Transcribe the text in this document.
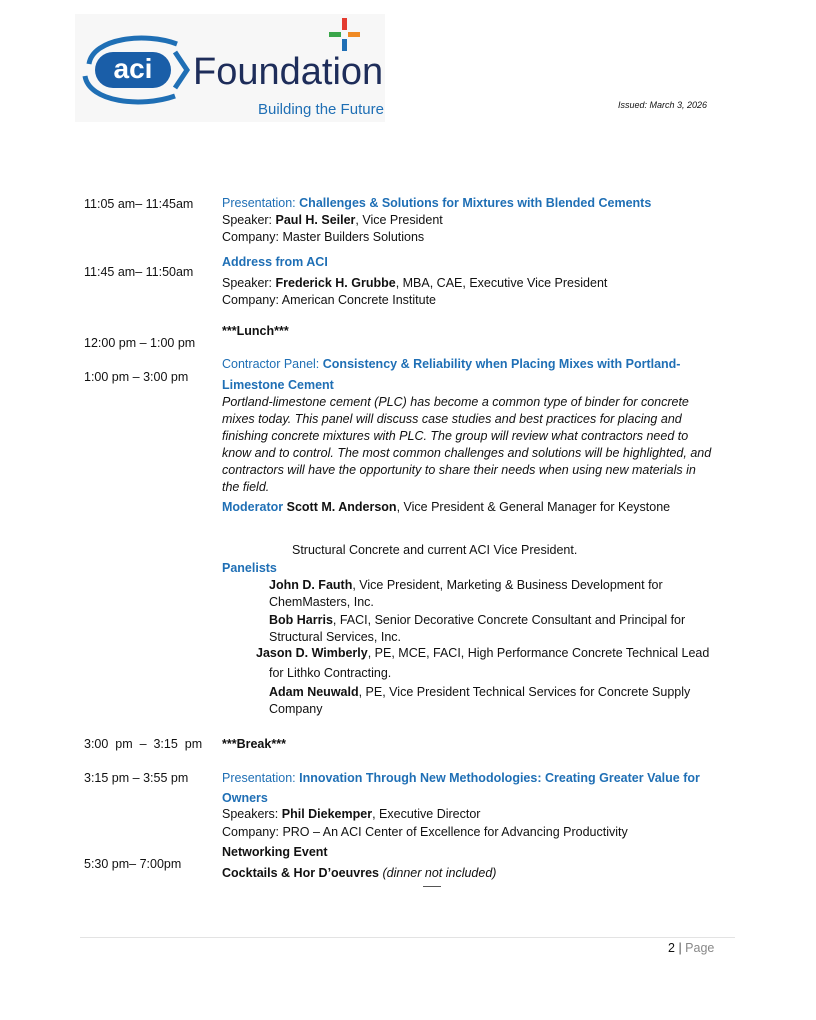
aci Foundation
Building the Future	Issued: March 3, 2026
11:05 am– 11:45am Presentation: Challenges & Solutions for Mixtures with Blended Cements
Speaker: Paul H. Seiler, Vice President
Company: Master Builders Solutions
Address from ACI
11:45 am– 11:50am
Speaker: Frederick H. Grubbe, MBA, CAE, Executive Vice President
Company: American Concrete Institute
***Lunch***
12:00 pm – 1:00 pm
Contractor Panel: Consistency & Reliability when Placing Mixes with Portland-
1:00 pm – 3:00 pm
Limestone Cement
Portland-limestone cement (PLC) has become a common type of binder for concrete
mixes today. This panel will discuss case studies and best practices for placing and
finishing concrete mixtures with PLC. The group will review what contractors need to
know and to control. The most common challenges and solutions will be highlighted, and
contractors will have the opportunity to share their needs when using new materials in
the field.
Moderator Scott M. Anderson, Vice President & General Manager for Keystone
Structural Concrete and current ACI Vice President.
Panelists
John D. Fauth, Vice President, Marketing & Business Development for
ChemMasters, Inc.
Bob Harris, FACI, Senior Decorative Concrete Consultant and Principal for
Structural Services, Inc.
Jason D. Wimberly, PE, MCE, FACI, High Performance Concrete Technical Lead
for Lithko Contracting.
Adam Neuwald, PE, Vice President Technical Services for Concrete Supply
Company
3:00  pm  –  3:15  pm ***Break***
3:15 pm – 3:55 pm	Presentation: Innovation Through New Methodologies: Creating Greater Value for
Owners
Speakers: Phil Diekemper, Executive Director
Company: PRO – An ACI Center of Excellence for Advancing Productivity
Networking Event
5:30 pm– 7:00pm
Cocktails & Hor D’oeuvres (dinner not included)
2 | Page
